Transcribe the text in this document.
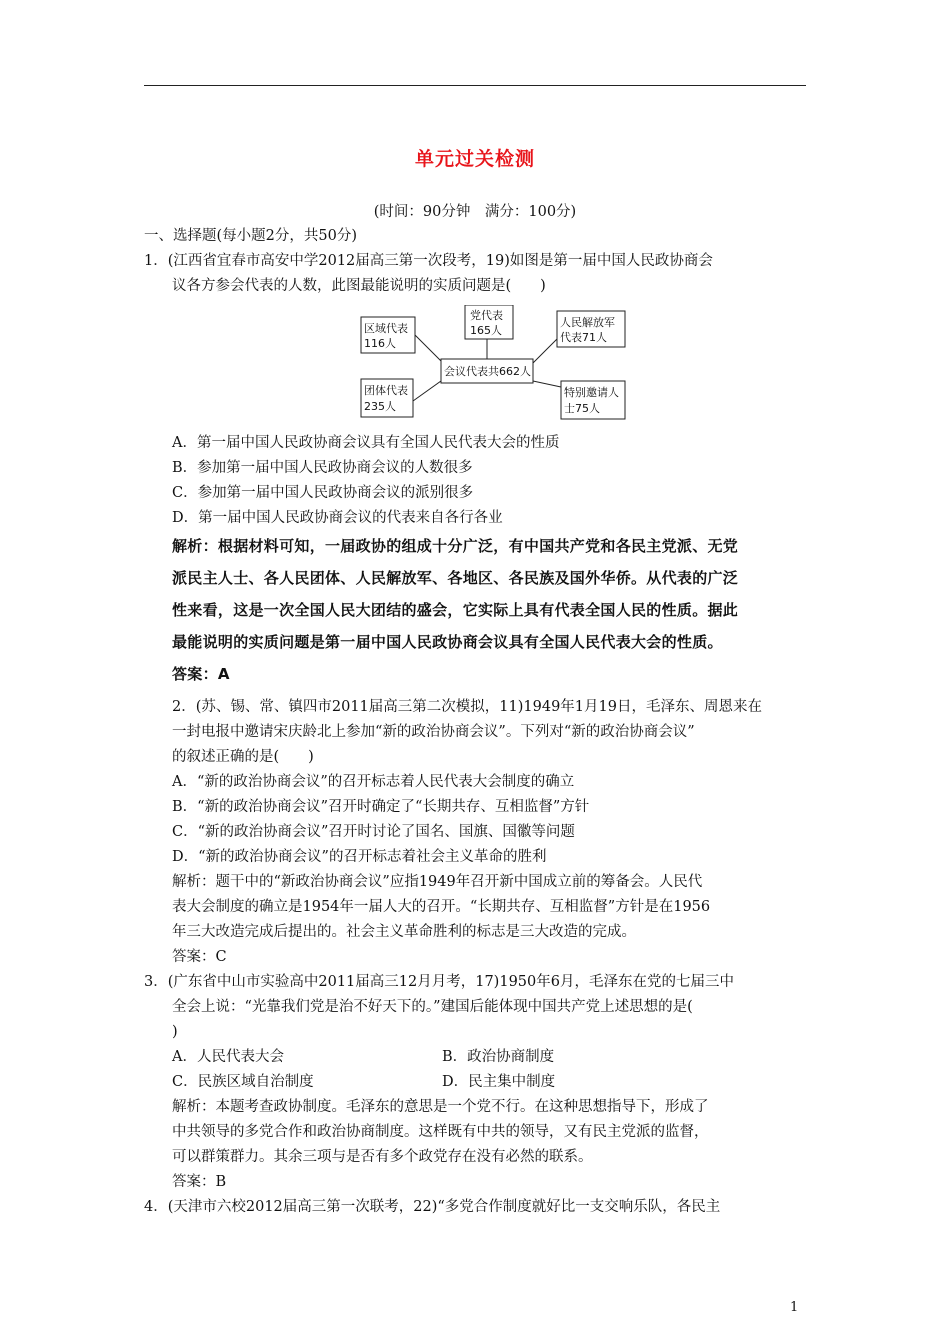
单元过关检测
(时间：90分钟　满分：100分)
一、选择题(每小题2分，共50分)
1．(江西省宜春市高安中学2012届高三第一次段考，19)如图是第一届中国人民政协商会
议各方参会代表的人数，此图最能说明的实质问题是(　　)
会议代表共662人
区域代表
116人
党代表
165人
人民解放军
代表71人
团体代表
235人
特别邀请人
士75人
A．第一届中国人民政协商会议具有全国人民代表大会的性质
B．参加第一届中国人民政协商会议的人数很多
C．参加第一届中国人民政协商会议的派别很多
D．第一届中国人民政协商会议的代表来自各行各业
解析：根据材料可知，一届政协的组成十分广泛，有中国共产党和各民主党派、无党
派民主人士、各人民团体、人民解放军、各地区、各民族及国外华侨。从代表的广泛
性来看，这是一次全国人民大团结的盛会，它实际上具有代表全国人民的性质。据此
最能说明的实质问题是第一届中国人民政协商会议具有全国人民代表大会的性质。
答案：A
2．(苏、锡、常、镇四市2011届高三第二次模拟，11)1949年1月19日，毛泽东、周恩来在
一封电报中邀请宋庆龄北上参加“新的政治协商会议”。下列对“新的政治协商会议”
的叙述正确的是(　　)
A．“新的政治协商会议”的召开标志着人民代表大会制度的确立
B．“新的政治协商会议”召开时确定了“长期共存、互相监督”方针
C．“新的政治协商会议”召开时讨论了国名、国旗、国徽等问题
D．“新的政治协商会议”的召开标志着社会主义革命的胜利
解析：题干中的“新政治协商会议”应指1949年召开新中国成立前的筹备会。人民代
表大会制度的确立是1954年一届人大的召开。“长期共存、互相监督”方针是在1956
年三大改造完成后提出的。社会主义革命胜利的标志是三大改造的完成。
答案：C
3．(广东省中山市实验高中2011届高三12月月考，17)1950年6月，毛泽东在党的七届三中
全会上说：“光靠我们党是治不好天下的。”建国后能体现中国共产党上述思想的是(
)
A．人民代表大会	B．政治协商制度
C．民族区域自治制度	D．民主集中制度
解析：本题考查政协制度。毛泽东的意思是一个党不行。在这种思想指导下，形成了
中共领导的多党合作和政治协商制度。这样既有中共的领导，又有民主党派的监督，
可以群策群力。其余三项与是否有多个政党存在没有必然的联系。
答案：B
4．(天津市六校2012届高三第一次联考，22)“多党合作制度就好比一支交响乐队，各民主
1
